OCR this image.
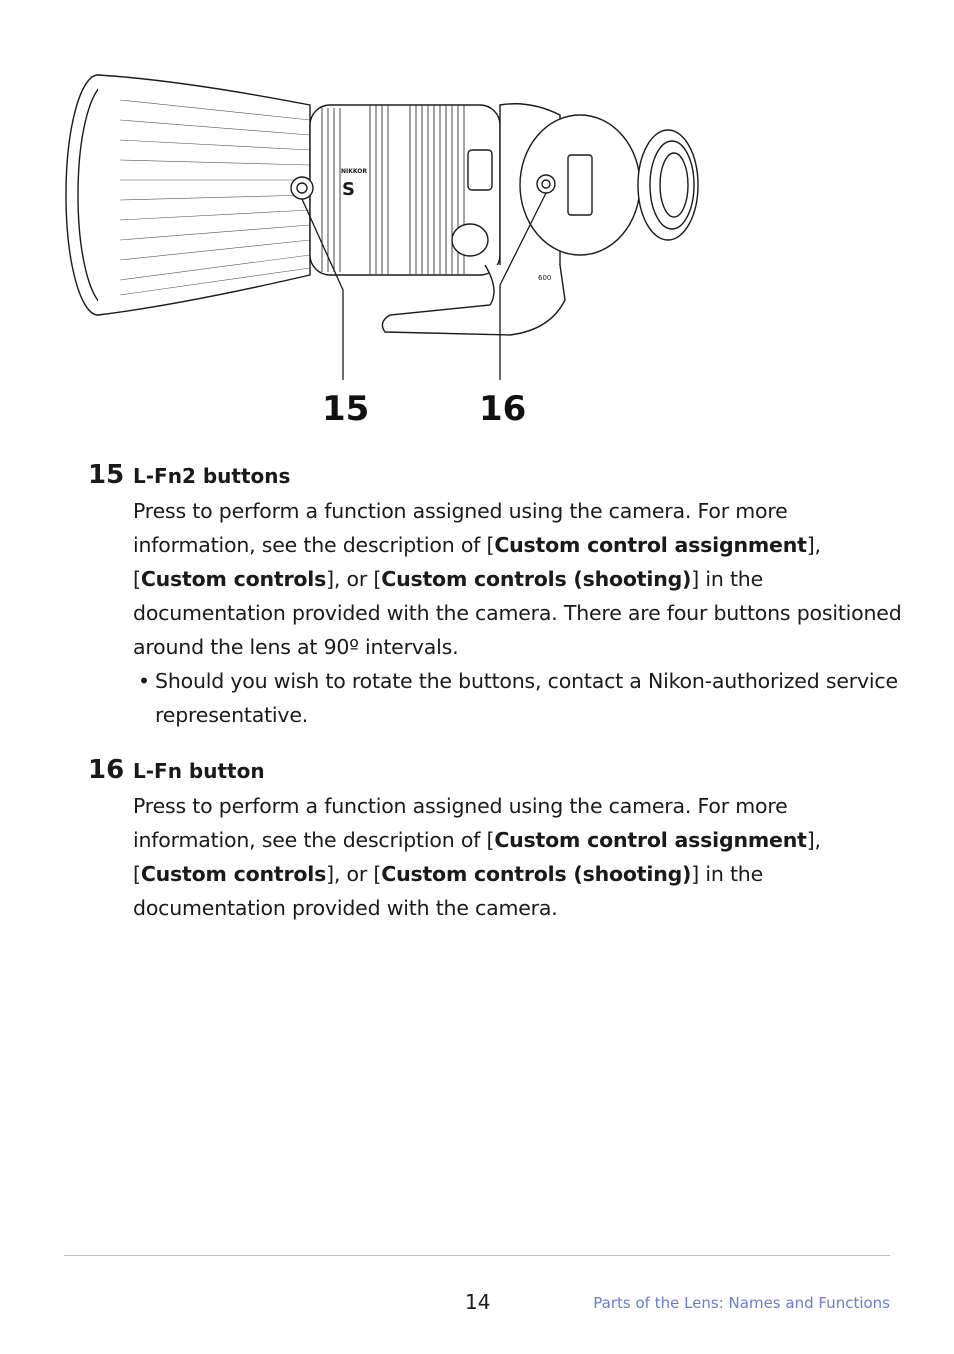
NIKKOR
S
600
15	16
15 L-Fn2 buttons
Press to perform a function assigned using the camera. For more information, see the description of [Custom control assignment], [Custom controls], or [Custom controls (shooting)] in the documentation provided with the camera. There are four buttons positioned around the lens at 90º intervals.
• Should you wish to rotate the buttons, contact a Nikon-authorized service representative.
16 L-Fn button
Press to perform a function assigned using the camera. For more information, see the description of [Custom control assignment], [Custom controls], or [Custom controls (shooting)] in the documentation provided with the camera.
14	Parts of the Lens: Names and Functions
